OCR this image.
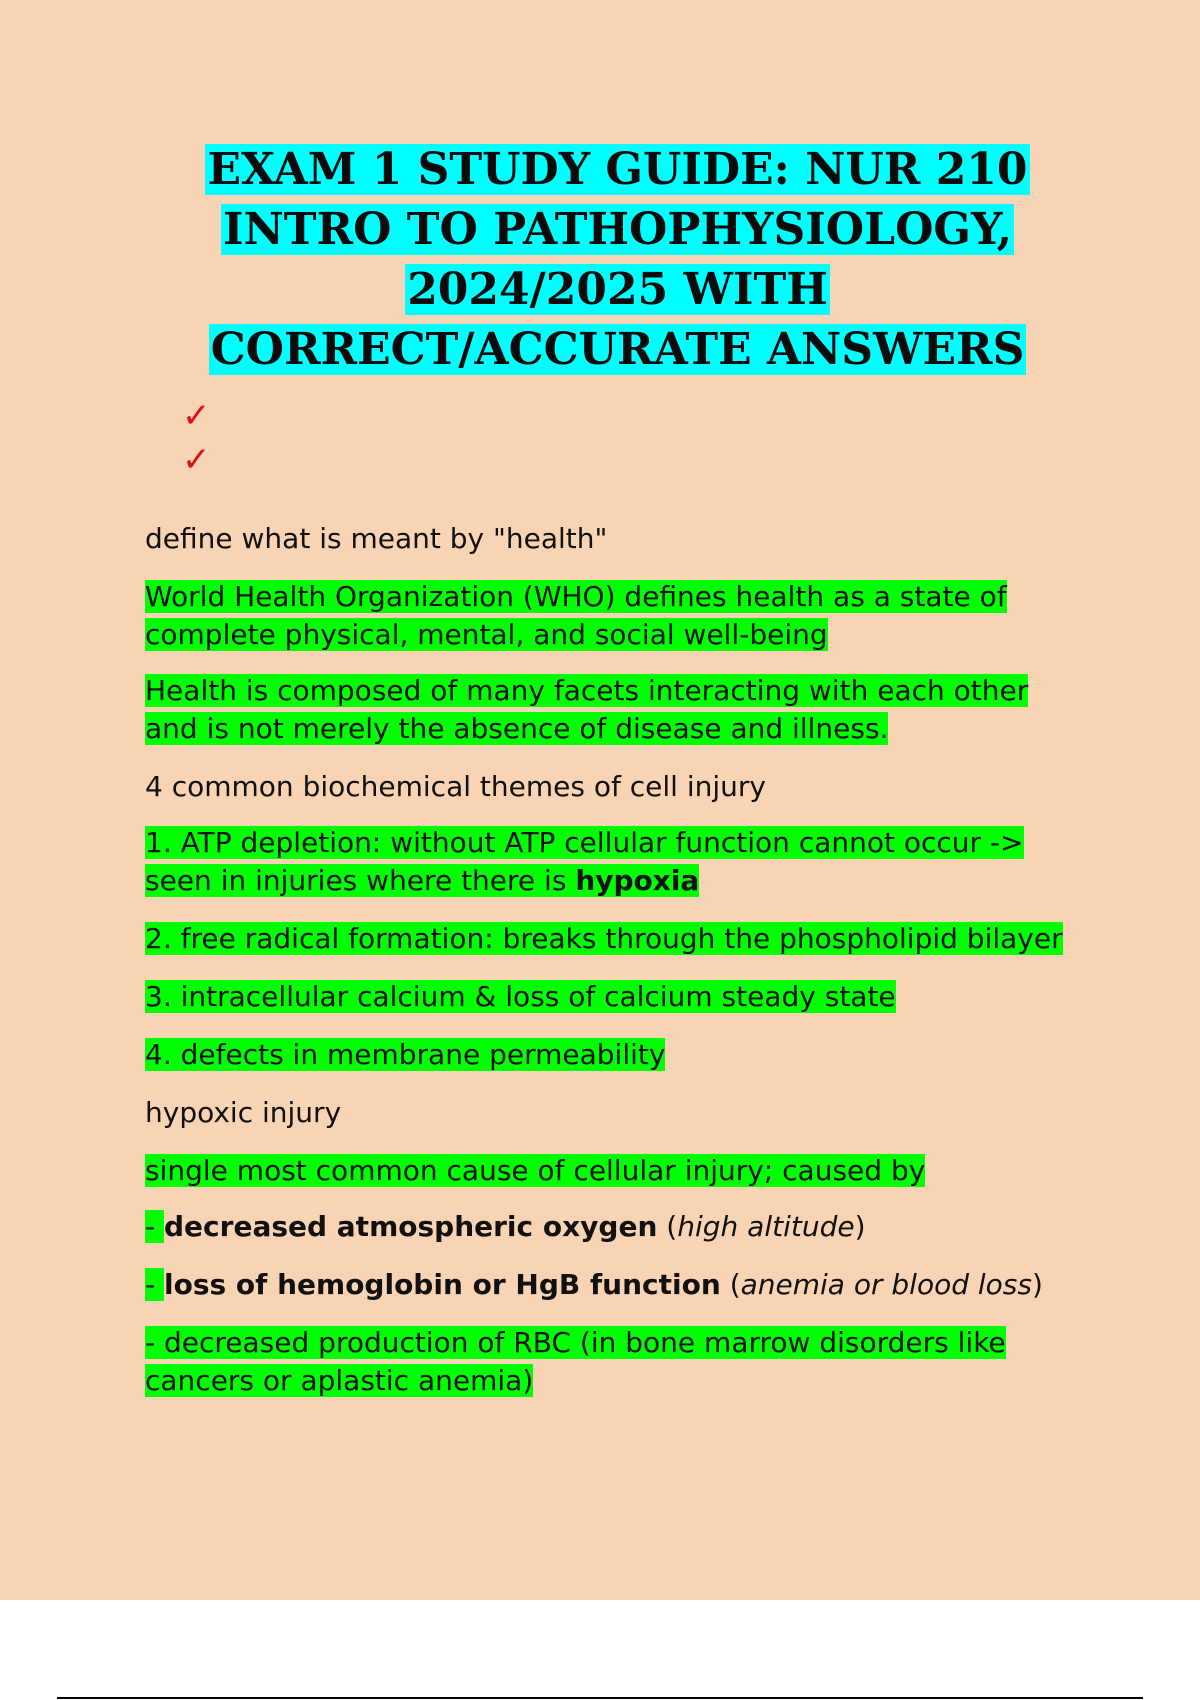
EXAM 1 STUDY GUIDE: NUR 210
INTRO TO PATHOPHYSIOLOGY,
2024/2025 WITH
CORRECT/ACCURATE ANSWERS
✓
✓

define what is meant by "health"

World Health Organization (WHO) defines health as a state of complete physical, mental, and social well-being

Health is composed of many facets interacting with each other and is not merely the absence of disease and illness.

4 common biochemical themes of cell injury

1. ATP depletion: without ATP cellular function cannot occur -> seen in injuries where there is hypoxia

2. free radical formation: breaks through the phospholipid bilayer

3. intracellular calcium & loss of calcium steady state

4. defects in membrane permeability

hypoxic injury

single most common cause of cellular injury; caused by

- decreased atmospheric oxygen (high altitude)

- loss of hemoglobin or HgB function (anemia or blood loss)

- decreased production of RBC (in bone marrow disorders like cancers or aplastic anemia)
